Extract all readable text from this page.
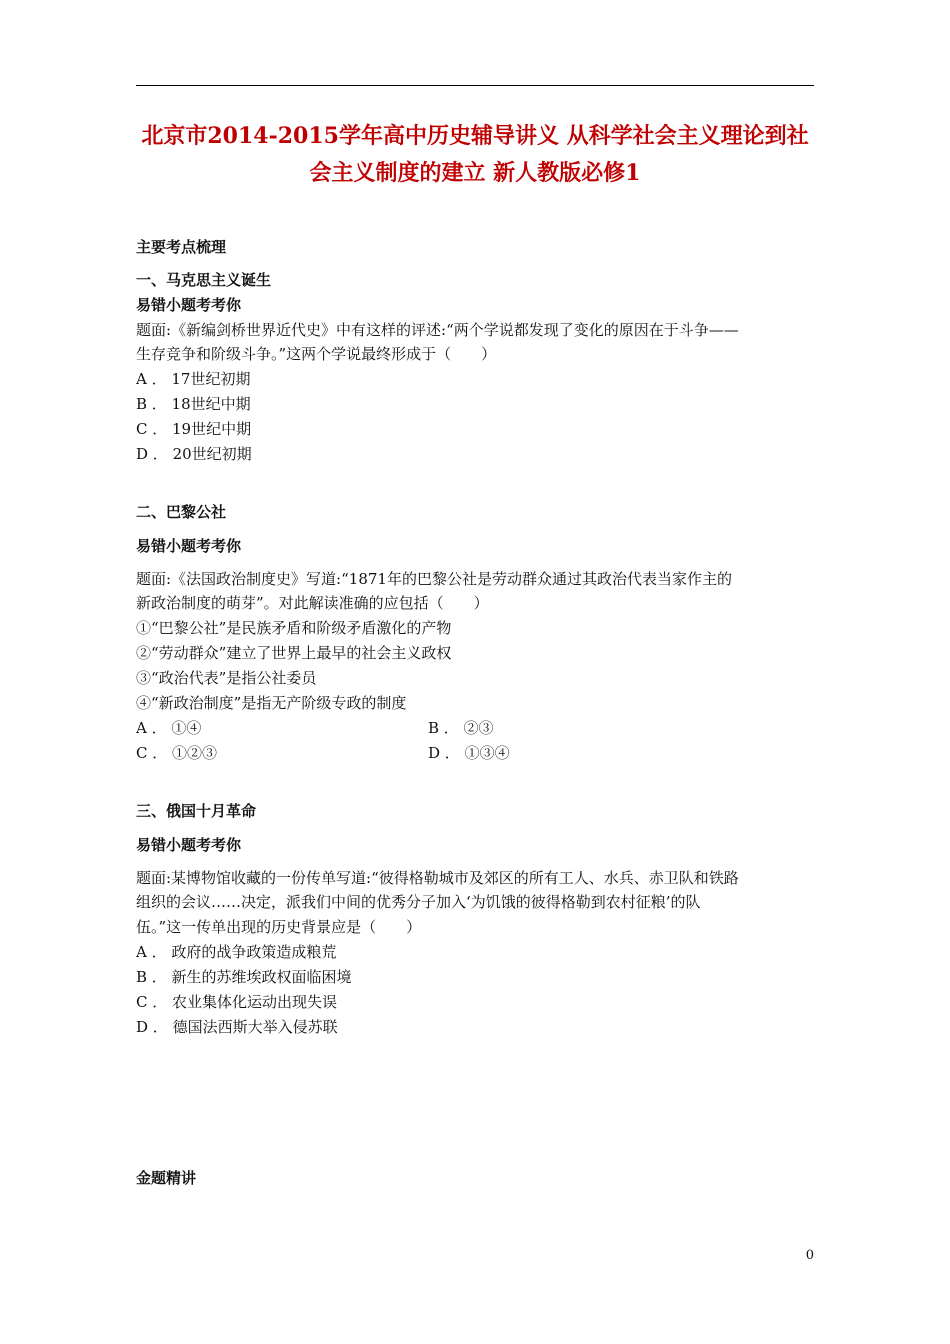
北京市2014-2015学年高中历史辅导讲义 从科学社会主义理论到社
会主义制度的建立 新人教版必修1
主要考点梳理
一、马克思主义诞生
易错小题考考你
题面:《新编剑桥世界近代史》中有这样的评述:“两个学说都发现了变化的原因在于斗争——
生存竞争和阶级斗争。”这两个学说最终形成于（　　）
A ． 17世纪初期
B ． 18世纪中期
C ． 19世纪中期
D ． 20世纪初期
二、巴黎公社
易错小题考考你
题面:《法国政治制度史》写道:“1871年的巴黎公社是劳动群众通过其政治代表当家作主的
新政治制度的萌芽”。对此解读准确的应包括（　　）
①“巴黎公社”是民族矛盾和阶级矛盾激化的产物
②“劳动群众”建立了世界上最早的社会主义政权
③“政治代表”是指公社委员
④“新政治制度”是指无产阶级专政的制度
A ． ①④	B ． ②③
C ． ①②③	D ． ①③④
三、俄国十月革命
易错小题考考你
题面:某博物馆收藏的一份传单写道:“彼得格勒城市及郊区的所有工人、水兵、赤卫队和铁路
组织的会议……决定，派我们中间的优秀分子加入‘为饥饿的彼得格勒到农村征粮’的队
伍。”这一传单出现的历史背景应是（　　）
A ． 政府的战争政策造成粮荒
B ． 新生的苏维埃政权面临困境
C ． 农业集体化运动出现失误
D ． 德国法西斯大举入侵苏联
金题精讲
0
